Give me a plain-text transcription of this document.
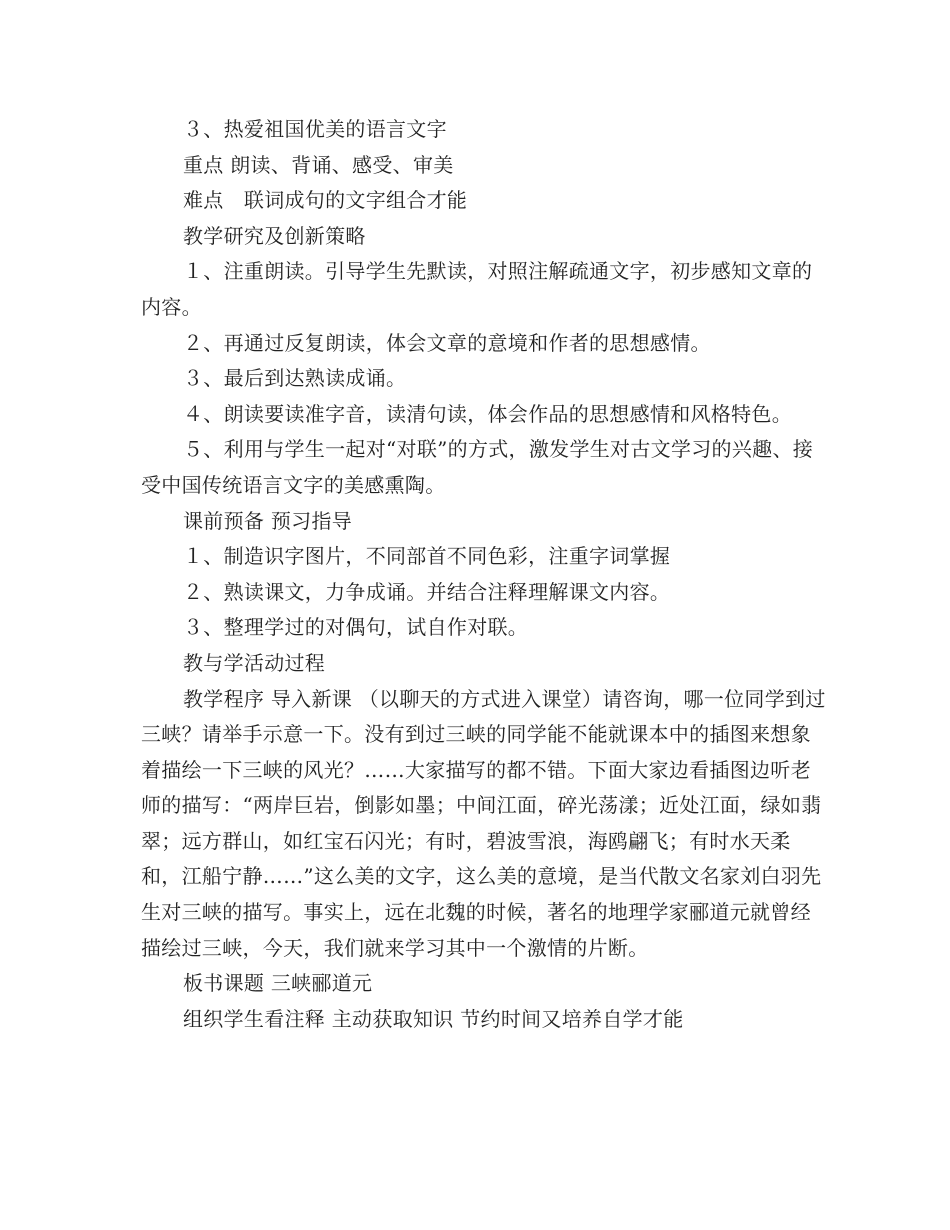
３、热爱祖国优美的语言文字

重点 朗读、背诵、感受、审美

难点　联词成句的文字组合才能

教学研究及创新策略

１、注重朗读。引导学生先默读，对照注解疏通文字，初步感知文章的内容。

２、再通过反复朗读，体会文章的意境和作者的思想感情。

３、最后到达熟读成诵。

４、朗读要读准字音，读清句读，体会作品的思想感情和风格特色。

５、利用与学生一起对“对联”的方式，激发学生对古文学习的兴趣、接受中国传统语言文字的美感熏陶。

课前预备 预习指导

１、制造识字图片，不同部首不同色彩，注重字词掌握

２、熟读课文，力争成诵。并结合注释理解课文内容。

３、整理学过的对偶句，试自作对联。

教与学活动过程

教学程序 导入新课 （以聊天的方式进入课堂）请咨询，哪一位同学到过三峡？请举手示意一下。没有到过三峡的同学能不能就课本中的插图来想象着描绘一下三峡的风光？……大家描写的都不错。下面大家边看插图边听老师的描写：“两岸巨岩，倒影如墨；中间江面，碎光荡漾；近处江面，绿如翡翠；远方群山，如红宝石闪光；有时，碧波雪浪，海鸥翩飞；有时水天柔和，江船宁静……”这么美的文字，这么美的意境，是当代散文名家刘白羽先生对三峡的描写。事实上，远在北魏的时候，著名的地理学家郦道元就曾经描绘过三峡，今天，我们就来学习其中一个激情的片断。

板书课题 三峡郦道元

组织学生看注释 主动获取知识 节约时间又培养自学才能
